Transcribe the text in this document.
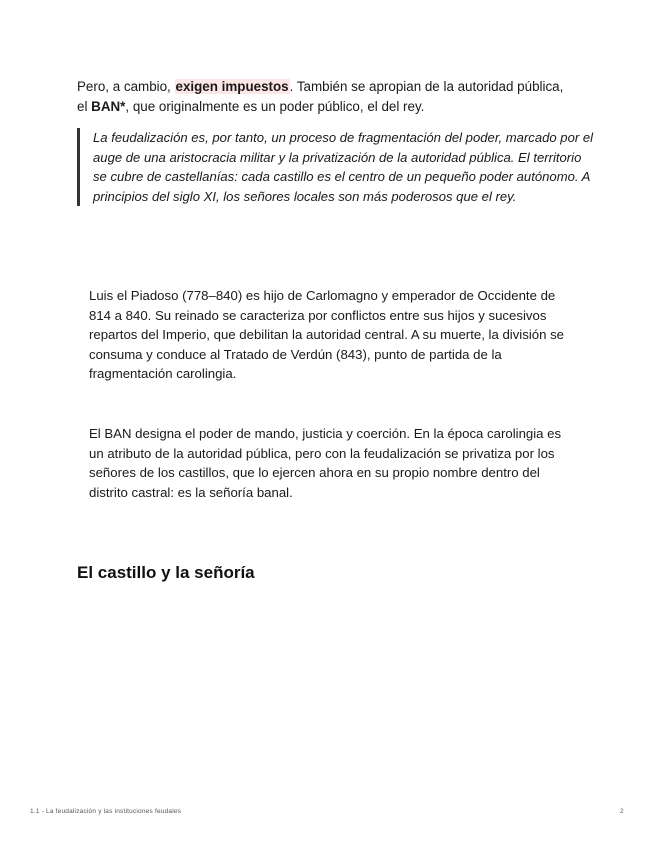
Pero, a cambio, exigen impuestos. También se apropian de la autoridad pública, el BAN*, que originalmente es un poder público, el del rey.

La feudalización es, por tanto, un proceso de fragmentación del poder, marcado por el auge de una aristocracia militar y la privatización de la autoridad pública. El territorio se cubre de castellanías: cada castillo es el centro de un pequeño poder autónomo. A principios del siglo XI, los señores locales son más poderosos que el rey.

Luis el Piadoso (778–840) es hijo de Carlomagno y emperador de Occidente de 814 a 840. Su reinado se caracteriza por conflictos entre sus hijos y sucesivos repartos del Imperio, que debilitan la autoridad central. A su muerte, la división se consuma y conduce al Tratado de Verdún (843), punto de partida de la fragmentación carolingia.

El BAN designa el poder de mando, justicia y coerción. En la época carolingia es un atributo de la autoridad pública, pero con la feudalización se privatiza por los señores de los castillos, que lo ejercen ahora en su propio nombre dentro del distrito castral: es la señoría banal.

El castillo y la señoría
1.1 - La feudalización y las instituciones feudales	2
